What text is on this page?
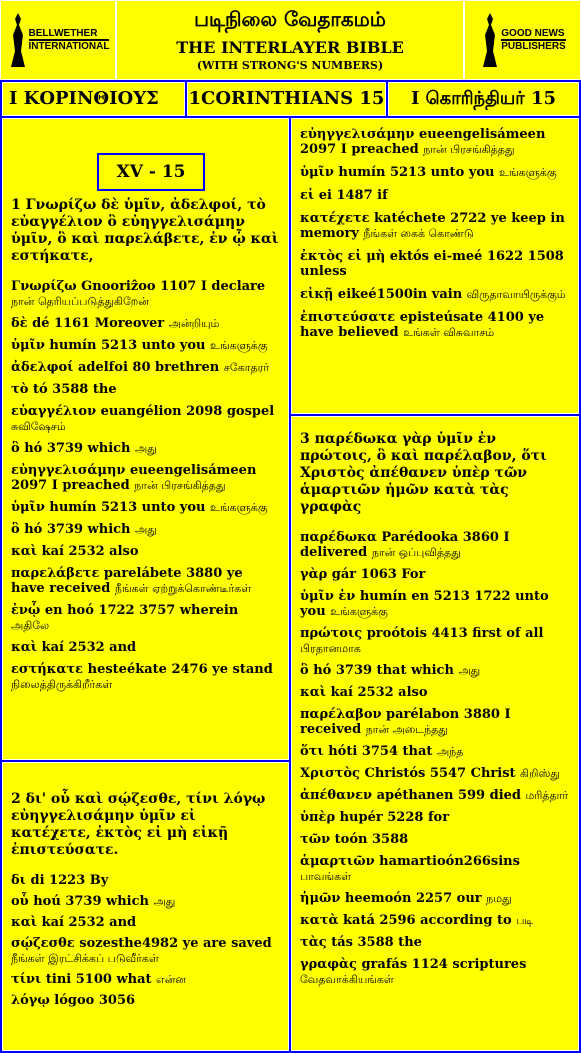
BELLWETHER
INTERNATIONAL
படிநிலை வேதாகமம்
THE INTERLAYER BIBLE
(WITH STRONG'S NUMBERS)
GOOD NEWS
PUBLISHERS
I ΚΟΡΙΝΘΙΟΥΣ	1CORINTHIANS 15	I கொரிந்தியர் 15
XV - 15
1 Γνωρίζω δὲ ὑμῖν, ἀδελφοί, τὸ εὐαγγέλιον ὃ εὐηγγελισάμην ὑμῖν, ὃ καὶ παρελάβετε, ἐν ᾧ καὶ εστήκατε,
Γνωρίζω Gnooriẑoo 1107 I declare நான் தெரியப்படுத்துகிறேன்
δὲ dé 1161 Moreover அன்றியும்
ὑμῖν humín 5213 unto you உங்களுக்கு
ἀδελφοί adelfoi 80 brethren சகோதரர்
τὸ tó 3588 the
εὐαγγέλιον euangélion 2098 gospel சுவிஷேசம்
ὃ hó 3739 which அது
εὐηγγελισάμην eueengelisámeen 2097 I preached நான் பிரசங்கித்தது
ὑμῖν humín 5213 unto you உங்களுக்கு
ὃ hó 3739 which அது
καὶ kaí 2532 also
παρελάβετε parelábete 3880 ye have received நீங்கள் ஏற்றுக்கொண்டீர்கள்
ἐνᾧ en hoó 1722 3757 wherein அதிலே
καὶ kaí 2532 and
εστήκατε hesteékate 2476 ye stand நிலைத்திருக்கிறீர்கள்
2 δι' οὗ καὶ σῴζεσθε, τίνι λόγῳ εὐηγγελισάμην ὑμῖν εἰ κατέχετε, ἐκτὸς εἰ μὴ εἰκῇ ἐπιστεύσατε.
δι di 1223 By
οὗ hoú 3739 which அது
καὶ kaí 2532 and
σῴζεσθε sozesthe4982 ye are saved நீங்கள் இரட்சிக்கப் படுவீர்கள்
τίνι tini 5100 what என்ன
λόγῳ lógoo 3056
εὐηγγελισάμην eueengelisámeen 2097 I preached நான் பிரசங்கித்தது
ὑμῖν humín 5213 unto you உங்களுக்கு
εἰ ei 1487 if
κατέχετε katéchete 2722 ye keep in memory நீங்கள் கைக் கொண்டு
ἐκτὸς εἰ μὴ ektós ei-meé 1622 1508 unless
εἰκῇ eikeé1500in vain விருதாவாயிருக்கும்
ἐπιστεύσατε episteúsate 4100 ye have believed உங்கள் விசுவாசம்
3 παρέδωκα γὰρ ὑμῖν ἐν πρώτοις, ὃ καὶ παρέλαβον, ὅτι Χριστὸς ἀπέθανεν ὑπὲρ τῶν ἁμαρτιῶν ἡμῶν κατὰ τὰς γραφὰς
παρέδωκα Parédooka 3860 I delivered நான் ஒப்புவித்தது
γὰρ gár 1063 For
ὑμῖν ἐν humín en 5213 1722 unto you உங்களுக்கு
πρώτοις proótois 4413 first of all பிரதானமாக
ὃ hó 3739 that which அது
καὶ kaí 2532 also
παρέλαβον parélabon 3880 I received நான் அடைந்தது
ὅτι hóti 3754 that அந்த
Χριστὸς Christós 5547 Christ கிறிஸ்து
ἀπέθανεν apéthanen 599 died மரித்தார்
ὑπὲρ hupér 5228 for
τῶν toón 3588
ἁμαρτιῶν hamartioón266sins பாவங்கள்
ἡμῶν heemoón 2257 our நமது
κατὰ katá 2596 according to படி
τὰς tás 3588 the
γραφὰς grafás 1124 scriptures வேதவாக்கியங்கள்
